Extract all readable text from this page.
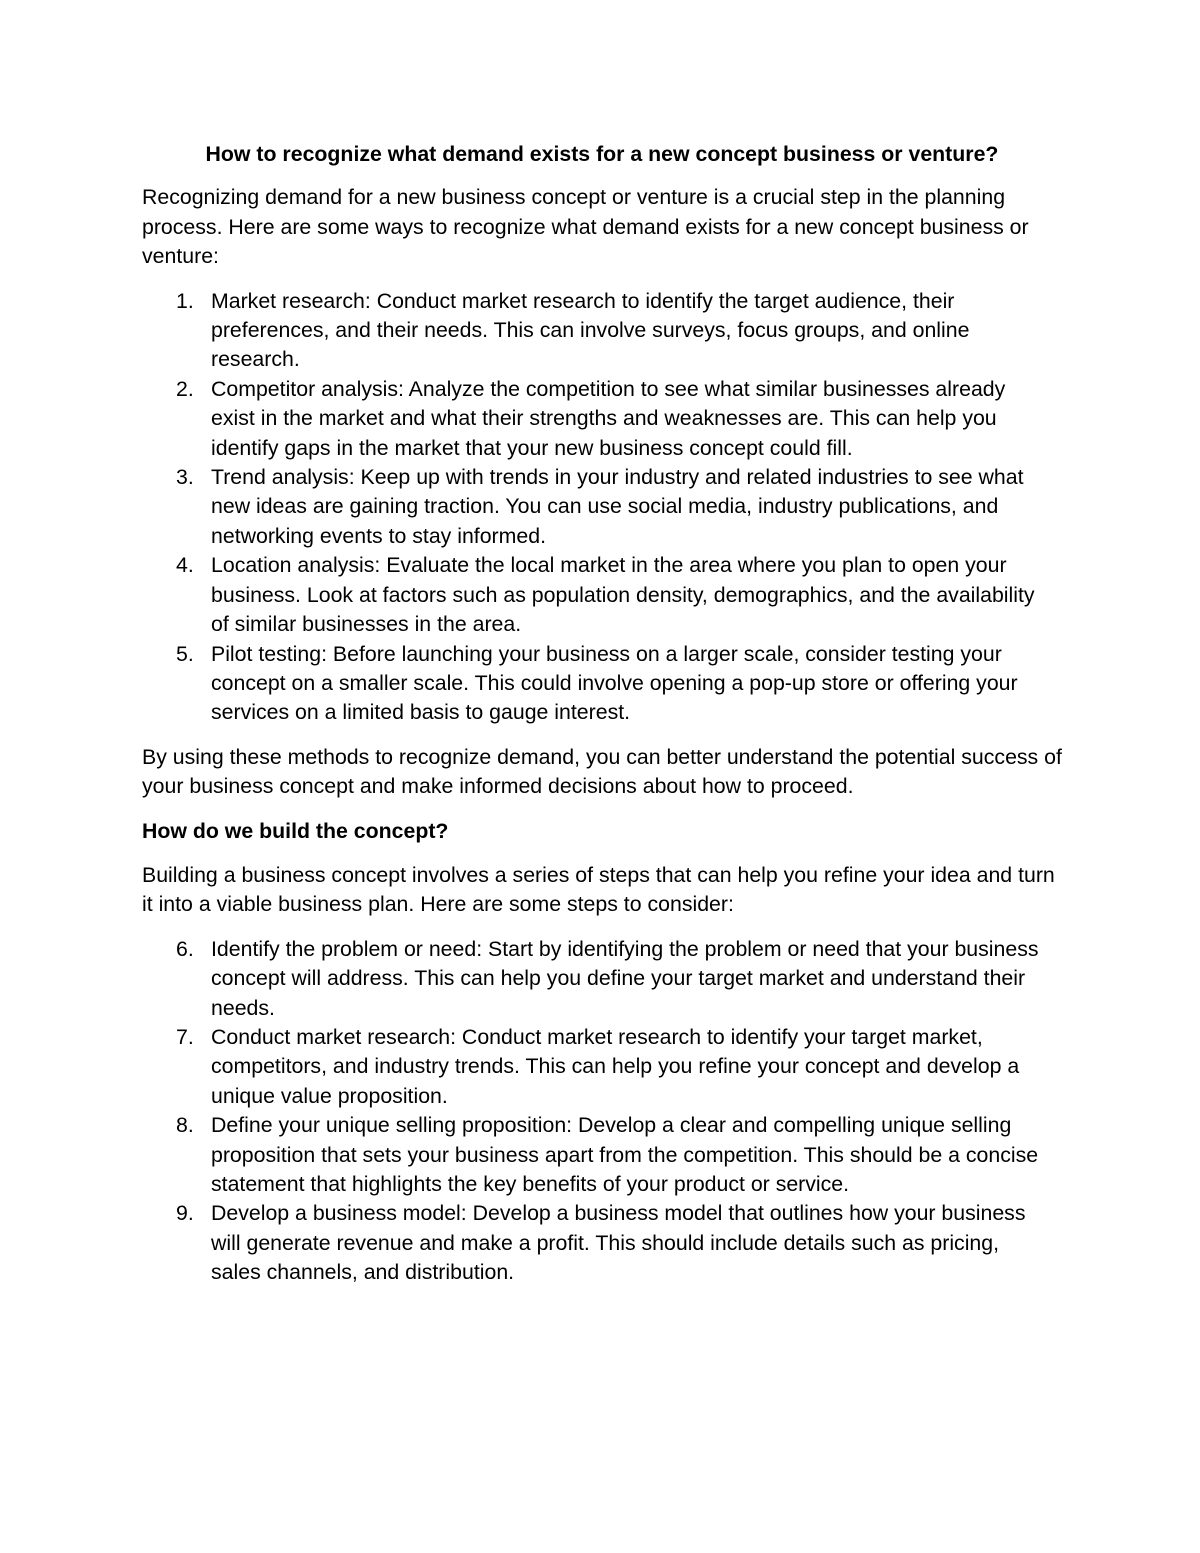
How to recognize what demand exists for a new concept business or venture?

Recognizing demand for a new business concept or venture is a crucial step in the planning process. Here are some ways to recognize what demand exists for a new concept business or venture:

1. Market research: Conduct market research to identify the target audience, their preferences, and their needs. This can involve surveys, focus groups, and online research.
2. Competitor analysis: Analyze the competition to see what similar businesses already exist in the market and what their strengths and weaknesses are. This can help you identify gaps in the market that your new business concept could fill.
3. Trend analysis: Keep up with trends in your industry and related industries to see what new ideas are gaining traction. You can use social media, industry publications, and networking events to stay informed.
4. Location analysis: Evaluate the local market in the area where you plan to open your business. Look at factors such as population density, demographics, and the availability of similar businesses in the area.
5. Pilot testing: Before launching your business on a larger scale, consider testing your concept on a smaller scale. This could involve opening a pop-up store or offering your services on a limited basis to gauge interest.

By using these methods to recognize demand, you can better understand the potential success of your business concept and make informed decisions about how to proceed.

How do we build the concept?

Building a business concept involves a series of steps that can help you refine your idea and turn it into a viable business plan. Here are some steps to consider:

6. Identify the problem or need: Start by identifying the problem or need that your business concept will address. This can help you define your target market and understand their needs.
7. Conduct market research: Conduct market research to identify your target market, competitors, and industry trends. This can help you refine your concept and develop a unique value proposition.
8. Define your unique selling proposition: Develop a clear and compelling unique selling proposition that sets your business apart from the competition. This should be a concise statement that highlights the key benefits of your product or service.
9. Develop a business model: Develop a business model that outlines how your business will generate revenue and make a profit. This should include details such as pricing, sales channels, and distribution.
